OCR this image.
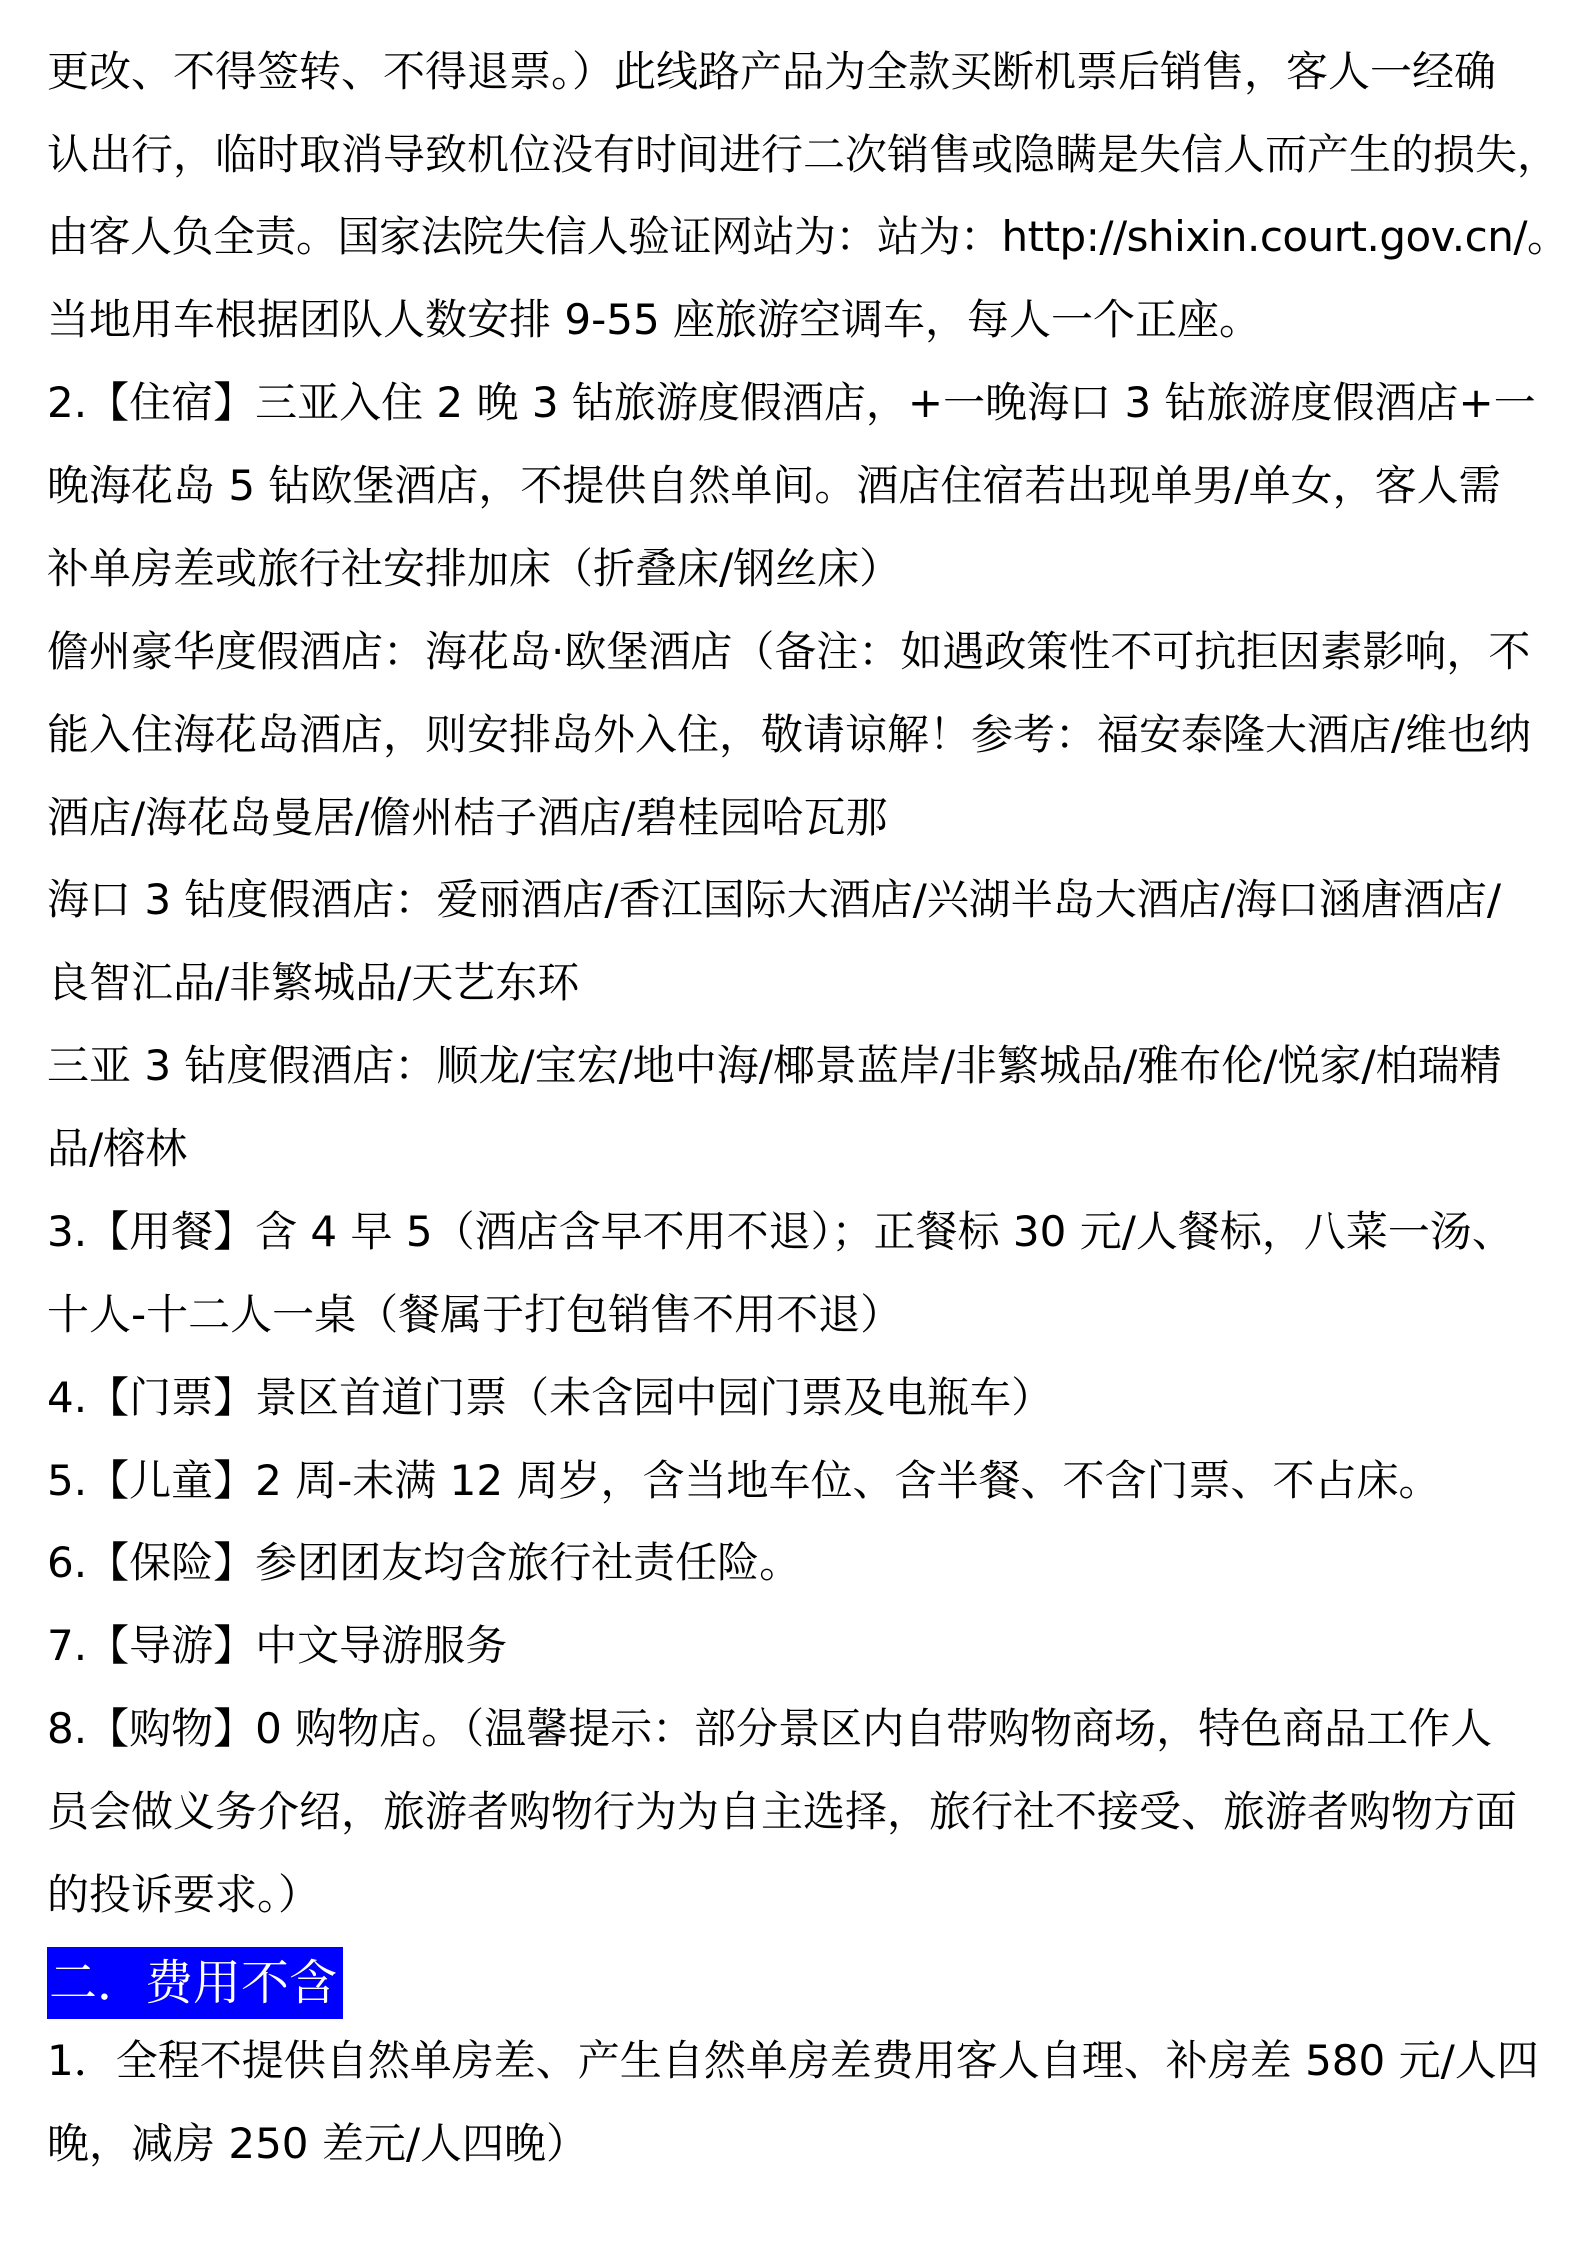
更改、不得签转、不得退票。）此线路产品为全款买断机票后销售，客人一经确
认出行，临时取消导致机位没有时间进行二次销售或隐瞒是失信人而产生的损失，
由客人负全责。国家法院失信人验证网站为：站为：http://shixin.court.gov.cn/。
当地用车根据团队人数安排 9-55 座旅游空调车，每人一个正座。
2.【住宿】三亚入住 2 晚 3 钻旅游度假酒店，+一晚海口 3 钻旅游度假酒店+一
晚海花岛 5 钻欧堡酒店，不提供自然单间。酒店住宿若出现单男/单女，客人需
补单房差或旅行社安排加床（折叠床/钢丝床）
儋州豪华度假酒店：海花岛·欧堡酒店（备注：如遇政策性不可抗拒因素影响，不
能入住海花岛酒店，则安排岛外入住，敬请谅解！参考：福安泰隆大酒店/维也纳
酒店/海花岛曼居/儋州桔子酒店/碧桂园哈瓦那
海口 3 钻度假酒店：爱丽酒店/香江国际大酒店/兴湖半岛大酒店/海口涵唐酒店/
良智汇品/非繁城品/天艺东环
三亚 3 钻度假酒店：顺龙/宝宏/地中海/椰景蓝岸/非繁城品/雅布伦/悦家/柏瑞精
品/榕林
3.【用餐】含 4 早 5（酒店含早不用不退）；正餐标 30 元/人餐标，八菜一汤、
十人-十二人一桌（餐属于打包销售不用不退）
4.【门票】景区首道门票（未含园中园门票及电瓶车）
5.【儿童】2 周-未满 12 周岁，含当地车位、含半餐、不含门票、不占床。
6.【保险】参团团友均含旅行社责任险。
7.【导游】中文导游服务
8.【购物】0 购物店。（温馨提示：部分景区内自带购物商场，特色商品工作人
员会做义务介绍，旅游者购物行为为自主选择，旅行社不接受、旅游者购物方面
的投诉要求。）
二．费用不含
1．全程不提供自然单房差、产生自然单房差费用客人自理、补房差 580 元/人四
晚，减房 250 差元/人四晚）
